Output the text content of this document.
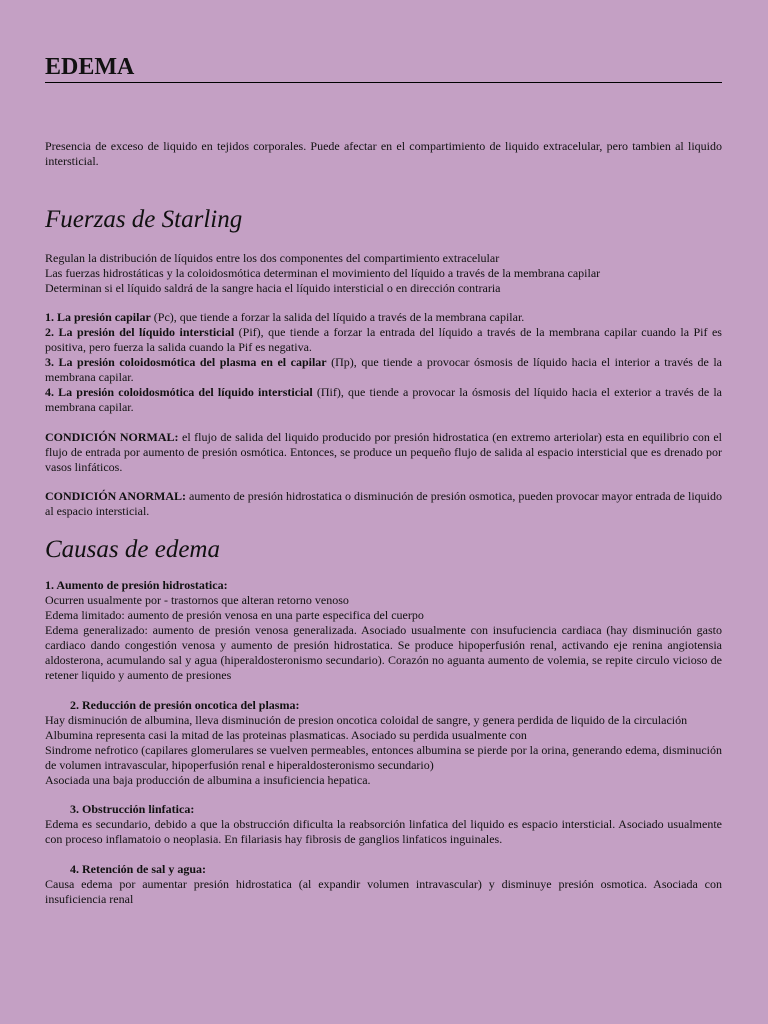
EDEMA

Presencia de exceso de liquido en tejidos corporales. Puede afectar en el compartimiento de liquido extracelular, pero tambien al liquido intersticial.

Fuerzas de Starling

Regulan la distribución de líquidos entre los dos componentes del compartimiento extracelular
Las fuerzas hidrostáticas y la coloidosmótica determinan el movimiento del líquido a través de la membrana capilar
Determinan si el líquido saldrá de la sangre hacia el líquido intersticial o en dirección contraria

1. La presión capilar (Pc), que tiende a forzar la salida del líquido a través de la membrana capilar.

2. La presión del líquido intersticial (Pif), que tiende a forzar la entrada del líquido a través de la membrana capilar cuando la Pif es positiva, pero fuerza la salida cuando la Pif es negativa.

3. La presión coloidosmótica del plasma en el capilar (Пp), que tiende a provocar ósmosis de líquido hacia el interior a través de la membrana capilar.

4. La presión coloidosmótica del líquido intersticial (Пif), que tiende a provocar la ósmosis del líquido hacia el exterior a través de la membrana capilar.

CONDICIÓN NORMAL: el flujo de salida del liquido producido por presión hidrostatica (en extremo arteriolar) esta en equilibrio con el flujo de entrada por aumento de presión osmótica. Entonces, se produce un pequeño flujo de salida al espacio intersticial que es drenado por vasos linfáticos.

CONDICIÓN ANORMAL: aumento de presión hidrostatica o disminución de presión osmotica, pueden provocar mayor entrada de liquido al espacio intersticial.

Causas de edema

1. Aumento de presión hidrostatica:

Ocurren usualmente por - trastornos que alteran retorno venoso

Edema limitado: aumento de presión venosa en una parte especifica del cuerpo

Edema generalizado: aumento de presión venosa generalizada. Asociado usualmente con insufuciencia cardiaca (hay disminución gasto cardiaco dando congestión venosa y aumento de presión hidrostatica. Se produce hipoperfusión renal, activando eje renina angiotensia aldosterona, acumulando sal y agua (hiperaldosteronismo secundario). Corazón no aguanta aumento de volemia, se repite circulo vicioso de retener liquido y aumento de presiones

2. Reducción de presión oncotica del plasma:

Hay disminución de albumina, lleva disminución de presion oncotica coloidal de sangre, y genera perdida de liquido de la circulación

Albumina representa casi la mitad de las proteinas plasmaticas. Asociado su perdida usualmente con

Sindrome nefrotico (capilares glomerulares se vuelven permeables, entonces albumina se pierde por la orina, generando edema, disminución de volumen intravascular, hipoperfusión renal e hiperaldosteronismo secundario)

Asociada una baja producción de albumina a insuficiencia hepatica.

3. Obstrucción linfatica:

Edema es secundario, debido a que la obstrucción dificulta la reabsorción linfatica del liquido es espacio intersticial. Asociado usualmente con proceso inflamatoio o neoplasia. En filariasis hay fibrosis de ganglios linfaticos inguinales.

4. Retención de sal y agua:

Causa edema por aumentar presión hidrostatica (al expandir volumen intravascular) y disminuye presión osmotica. Asociada con insuficiencia renal
